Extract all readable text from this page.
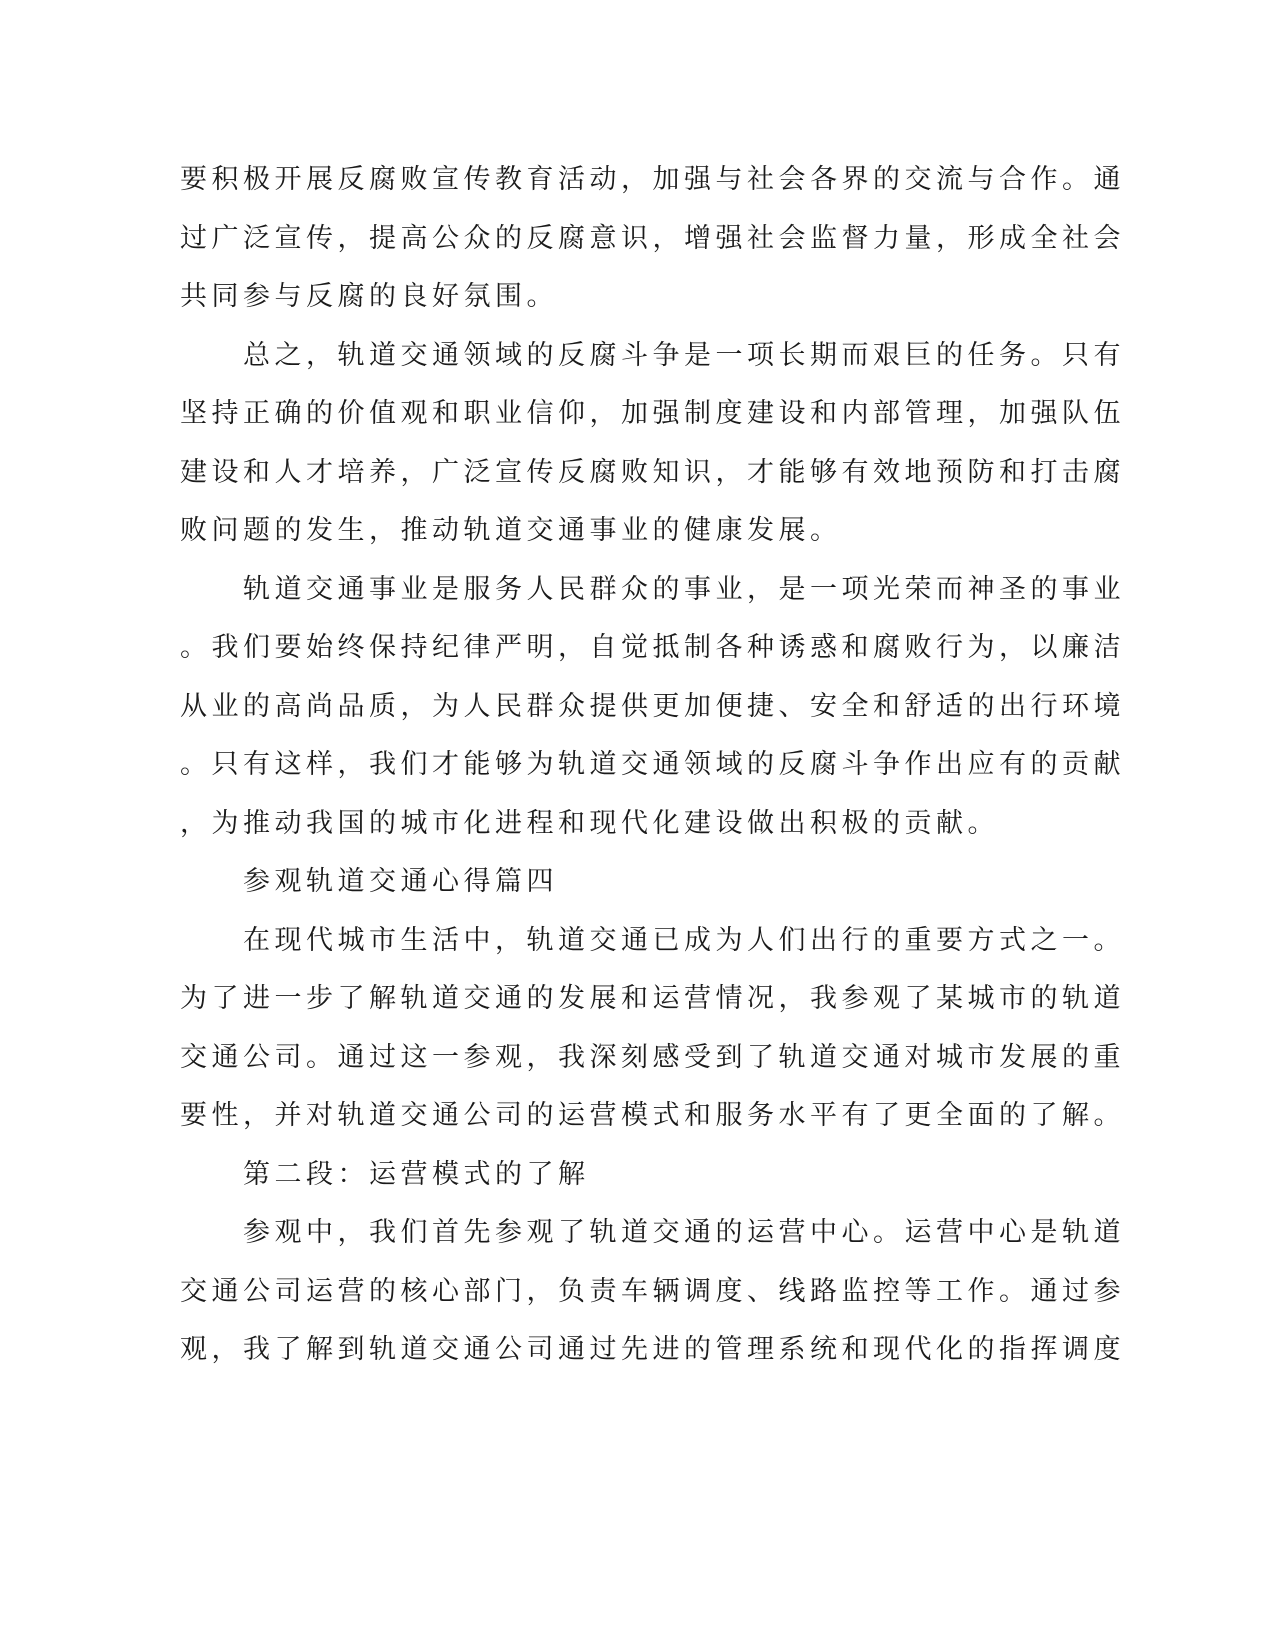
要积极开展反腐败宣传教育活动，加强与社会各界的交流与合作。通
过广泛宣传，提高公众的反腐意识，增强社会监督力量，形成全社会
共同参与反腐的良好氛围。
　　总之，轨道交通领域的反腐斗争是一项长期而艰巨的任务。只有
坚持正确的价值观和职业信仰，加强制度建设和内部管理，加强队伍
建设和人才培养，广泛宣传反腐败知识，才能够有效地预防和打击腐
败问题的发生，推动轨道交通事业的健康发展。
　　轨道交通事业是服务人民群众的事业，是一项光荣而神圣的事业
。我们要始终保持纪律严明，自觉抵制各种诱惑和腐败行为，以廉洁
从业的高尚品质，为人民群众提供更加便捷、安全和舒适的出行环境
。只有这样，我们才能够为轨道交通领域的反腐斗争作出应有的贡献
，为推动我国的城市化进程和现代化建设做出积极的贡献。
　　参观轨道交通心得篇四
　　在现代城市生活中，轨道交通已成为人们出行的重要方式之一。
为了进一步了解轨道交通的发展和运营情况，我参观了某城市的轨道
交通公司。通过这一参观，我深刻感受到了轨道交通对城市发展的重
要性，并对轨道交通公司的运营模式和服务水平有了更全面的了解。
　　第二段：运营模式的了解
　　参观中，我们首先参观了轨道交通的运营中心。运营中心是轨道
交通公司运营的核心部门，负责车辆调度、线路监控等工作。通过参
观，我了解到轨道交通公司通过先进的管理系统和现代化的指挥调度
